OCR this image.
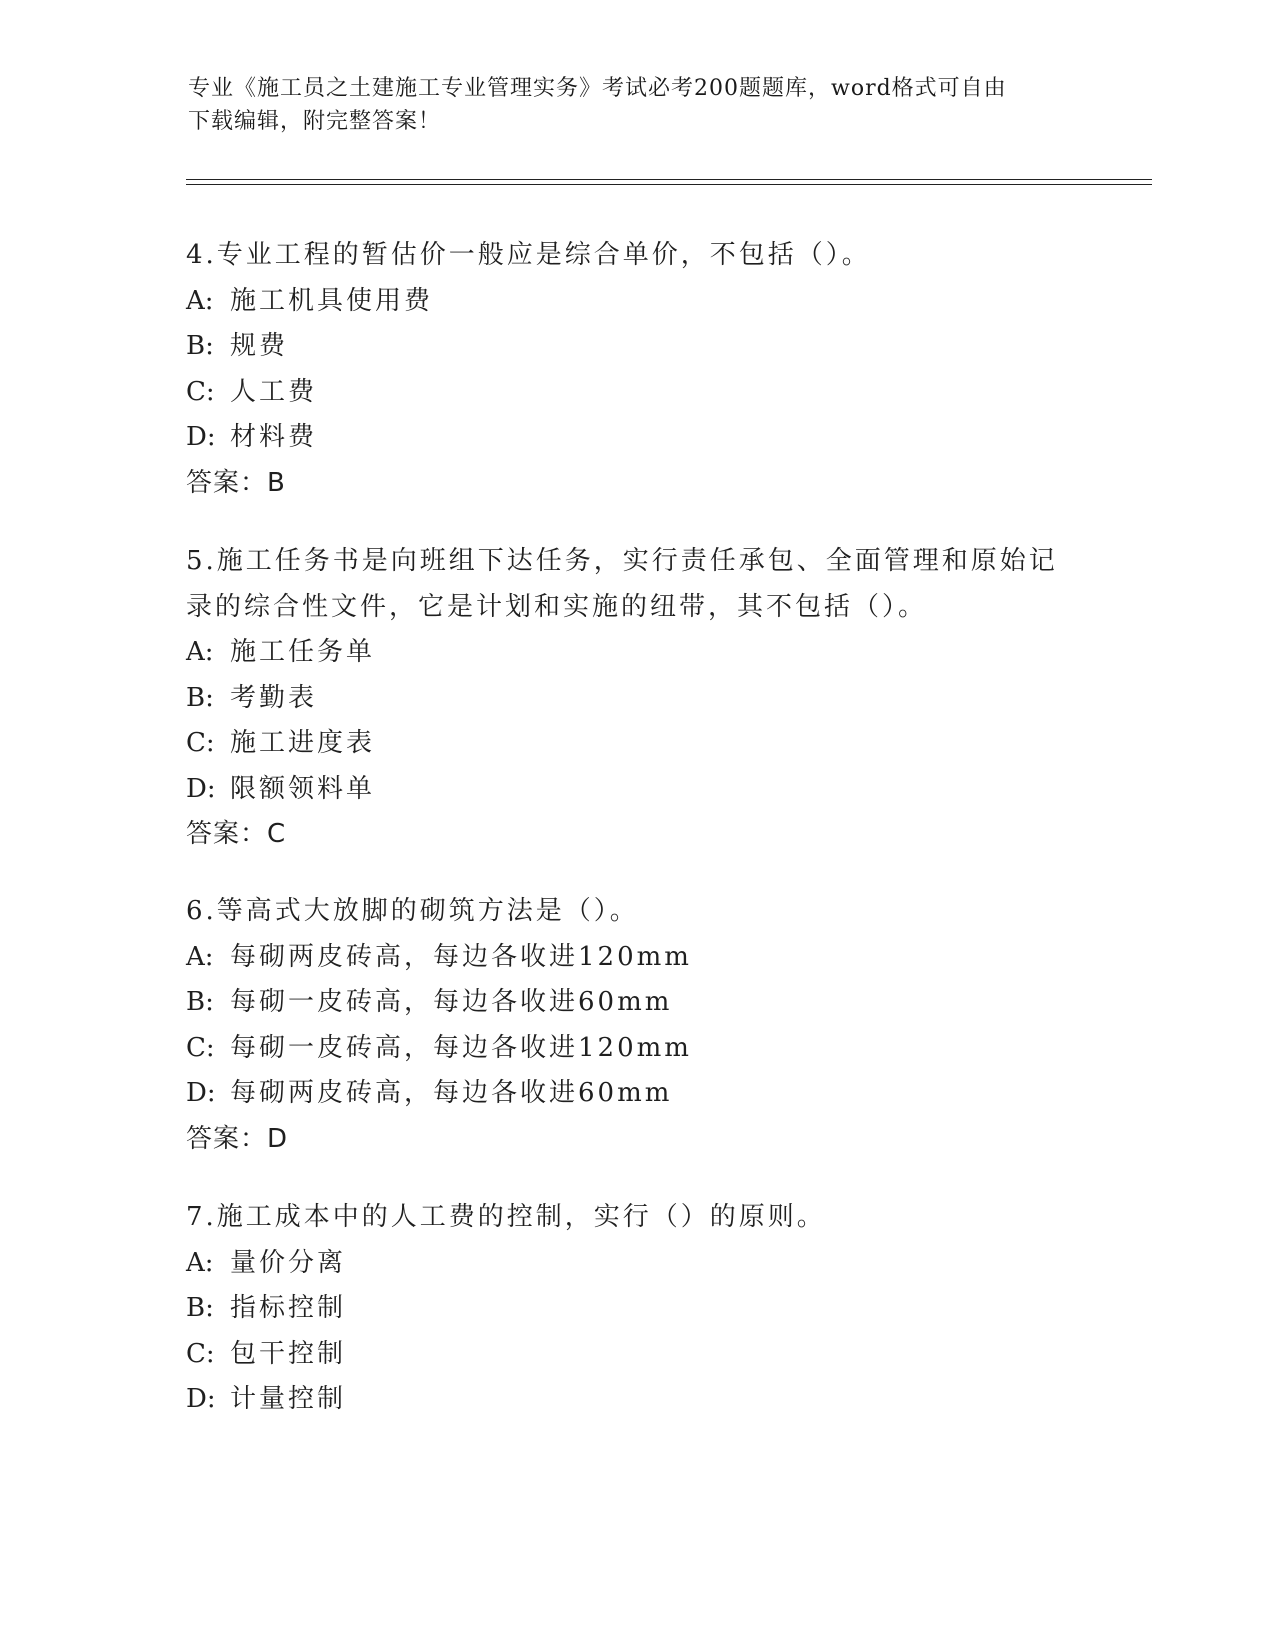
专业《施工员之土建施工专业管理实务》考试必考200题题库，word格式可自由
下载编辑，附完整答案！
4.专业工程的暂估价一般应是综合单价，不包括（）。
A: 施工机具使用费
B: 规费
C: 人工费
D: 材料费
答案：B
5.施工任务书是向班组下达任务，实行责任承包、全面管理和原始记
录的综合性文件，它是计划和实施的纽带，其不包括（）。
A: 施工任务单
B: 考勤表
C: 施工进度表
D: 限额领料单
答案：C
6.等高式大放脚的砌筑方法是（）。
A: 每砌两皮砖高，每边各收进120mm
B: 每砌一皮砖高，每边各收进60mm
C: 每砌一皮砖高，每边各收进120mm
D: 每砌两皮砖高，每边各收进60mm
答案：D
7.施工成本中的人工费的控制，实行（）的原则。
A: 量价分离
B: 指标控制
C: 包干控制
D: 计量控制
